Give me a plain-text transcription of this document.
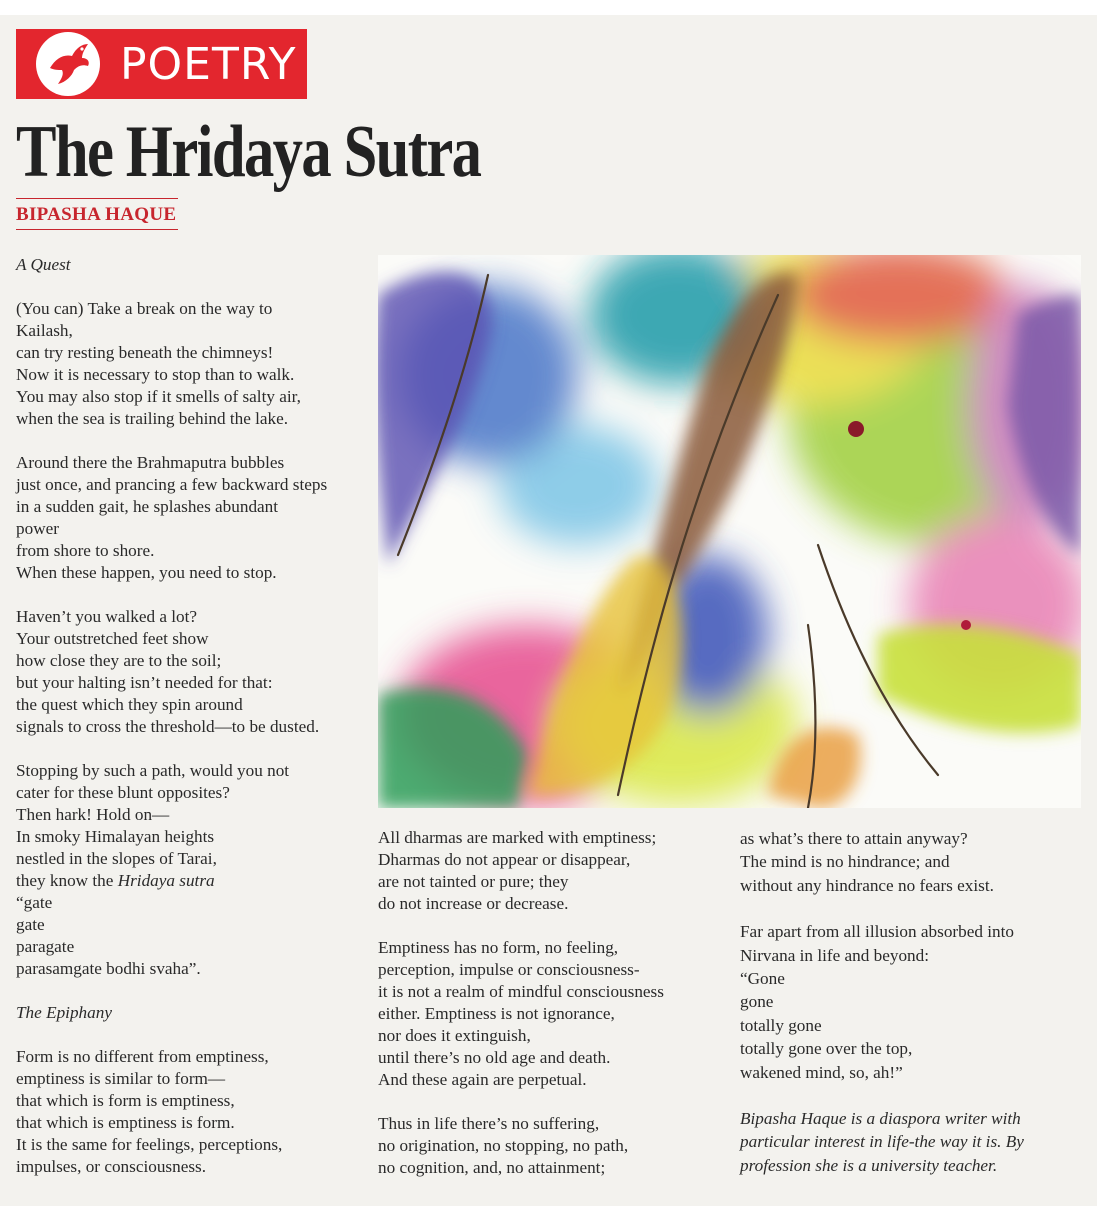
POETRY
The Hridaya Sutra
BIPASHA HAQUE

A Quest

(You can) Take a break on the way to
Kailash,
can try resting beneath the chimneys!
Now it is necessary to stop than to walk.
You may also stop if it smells of salty air,
when the sea is trailing behind the lake.

Around there the Brahmaputra bubbles
just once, and prancing a few backward steps
in a sudden gait, he splashes abundant
power
from shore to shore.
When these happen, you need to stop.

Haven’t you walked a lot?
Your outstretched feet show
how close they are to the soil;
but your halting isn’t needed for that:
the quest which they spin around
signals to cross the threshold—to be dusted.

Stopping by such a path, would you not
cater for these blunt opposites?
Then hark! Hold on—
In smoky Himalayan heights
nestled in the slopes of Tarai,
they know the Hridaya sutra
“gate
gate
paragate
parasamgate bodhi svaha”.

The Epiphany

Form is no different from emptiness,
emptiness is similar to form—
that which is form is emptiness,
that which is emptiness is form.
It is the same for feelings, perceptions,
impulses, or consciousness.

All dharmas are marked with emptiness;
Dharmas do not appear or disappear,
are not tainted or pure; they
do not increase or decrease.

Emptiness has no form, no feeling,
perception, impulse or consciousness-
it is not a realm of mindful consciousness
either. Emptiness is not ignorance,
nor does it extinguish,
until there’s no old age and death.
And these again are perpetual.

Thus in life there’s no suffering,
no origination, no stopping, no path,
no cognition, and, no attainment;

as what’s there to attain anyway?
The mind is no hindrance; and
without any hindrance no fears exist.

Far apart from all illusion absorbed into
Nirvana in life and beyond:
“Gone
gone
totally gone
totally gone over the top,
wakened mind, so, ah!”

Bipasha Haque is a diaspora writer with
particular interest in life-the way it is. By
profession she is a university teacher.
